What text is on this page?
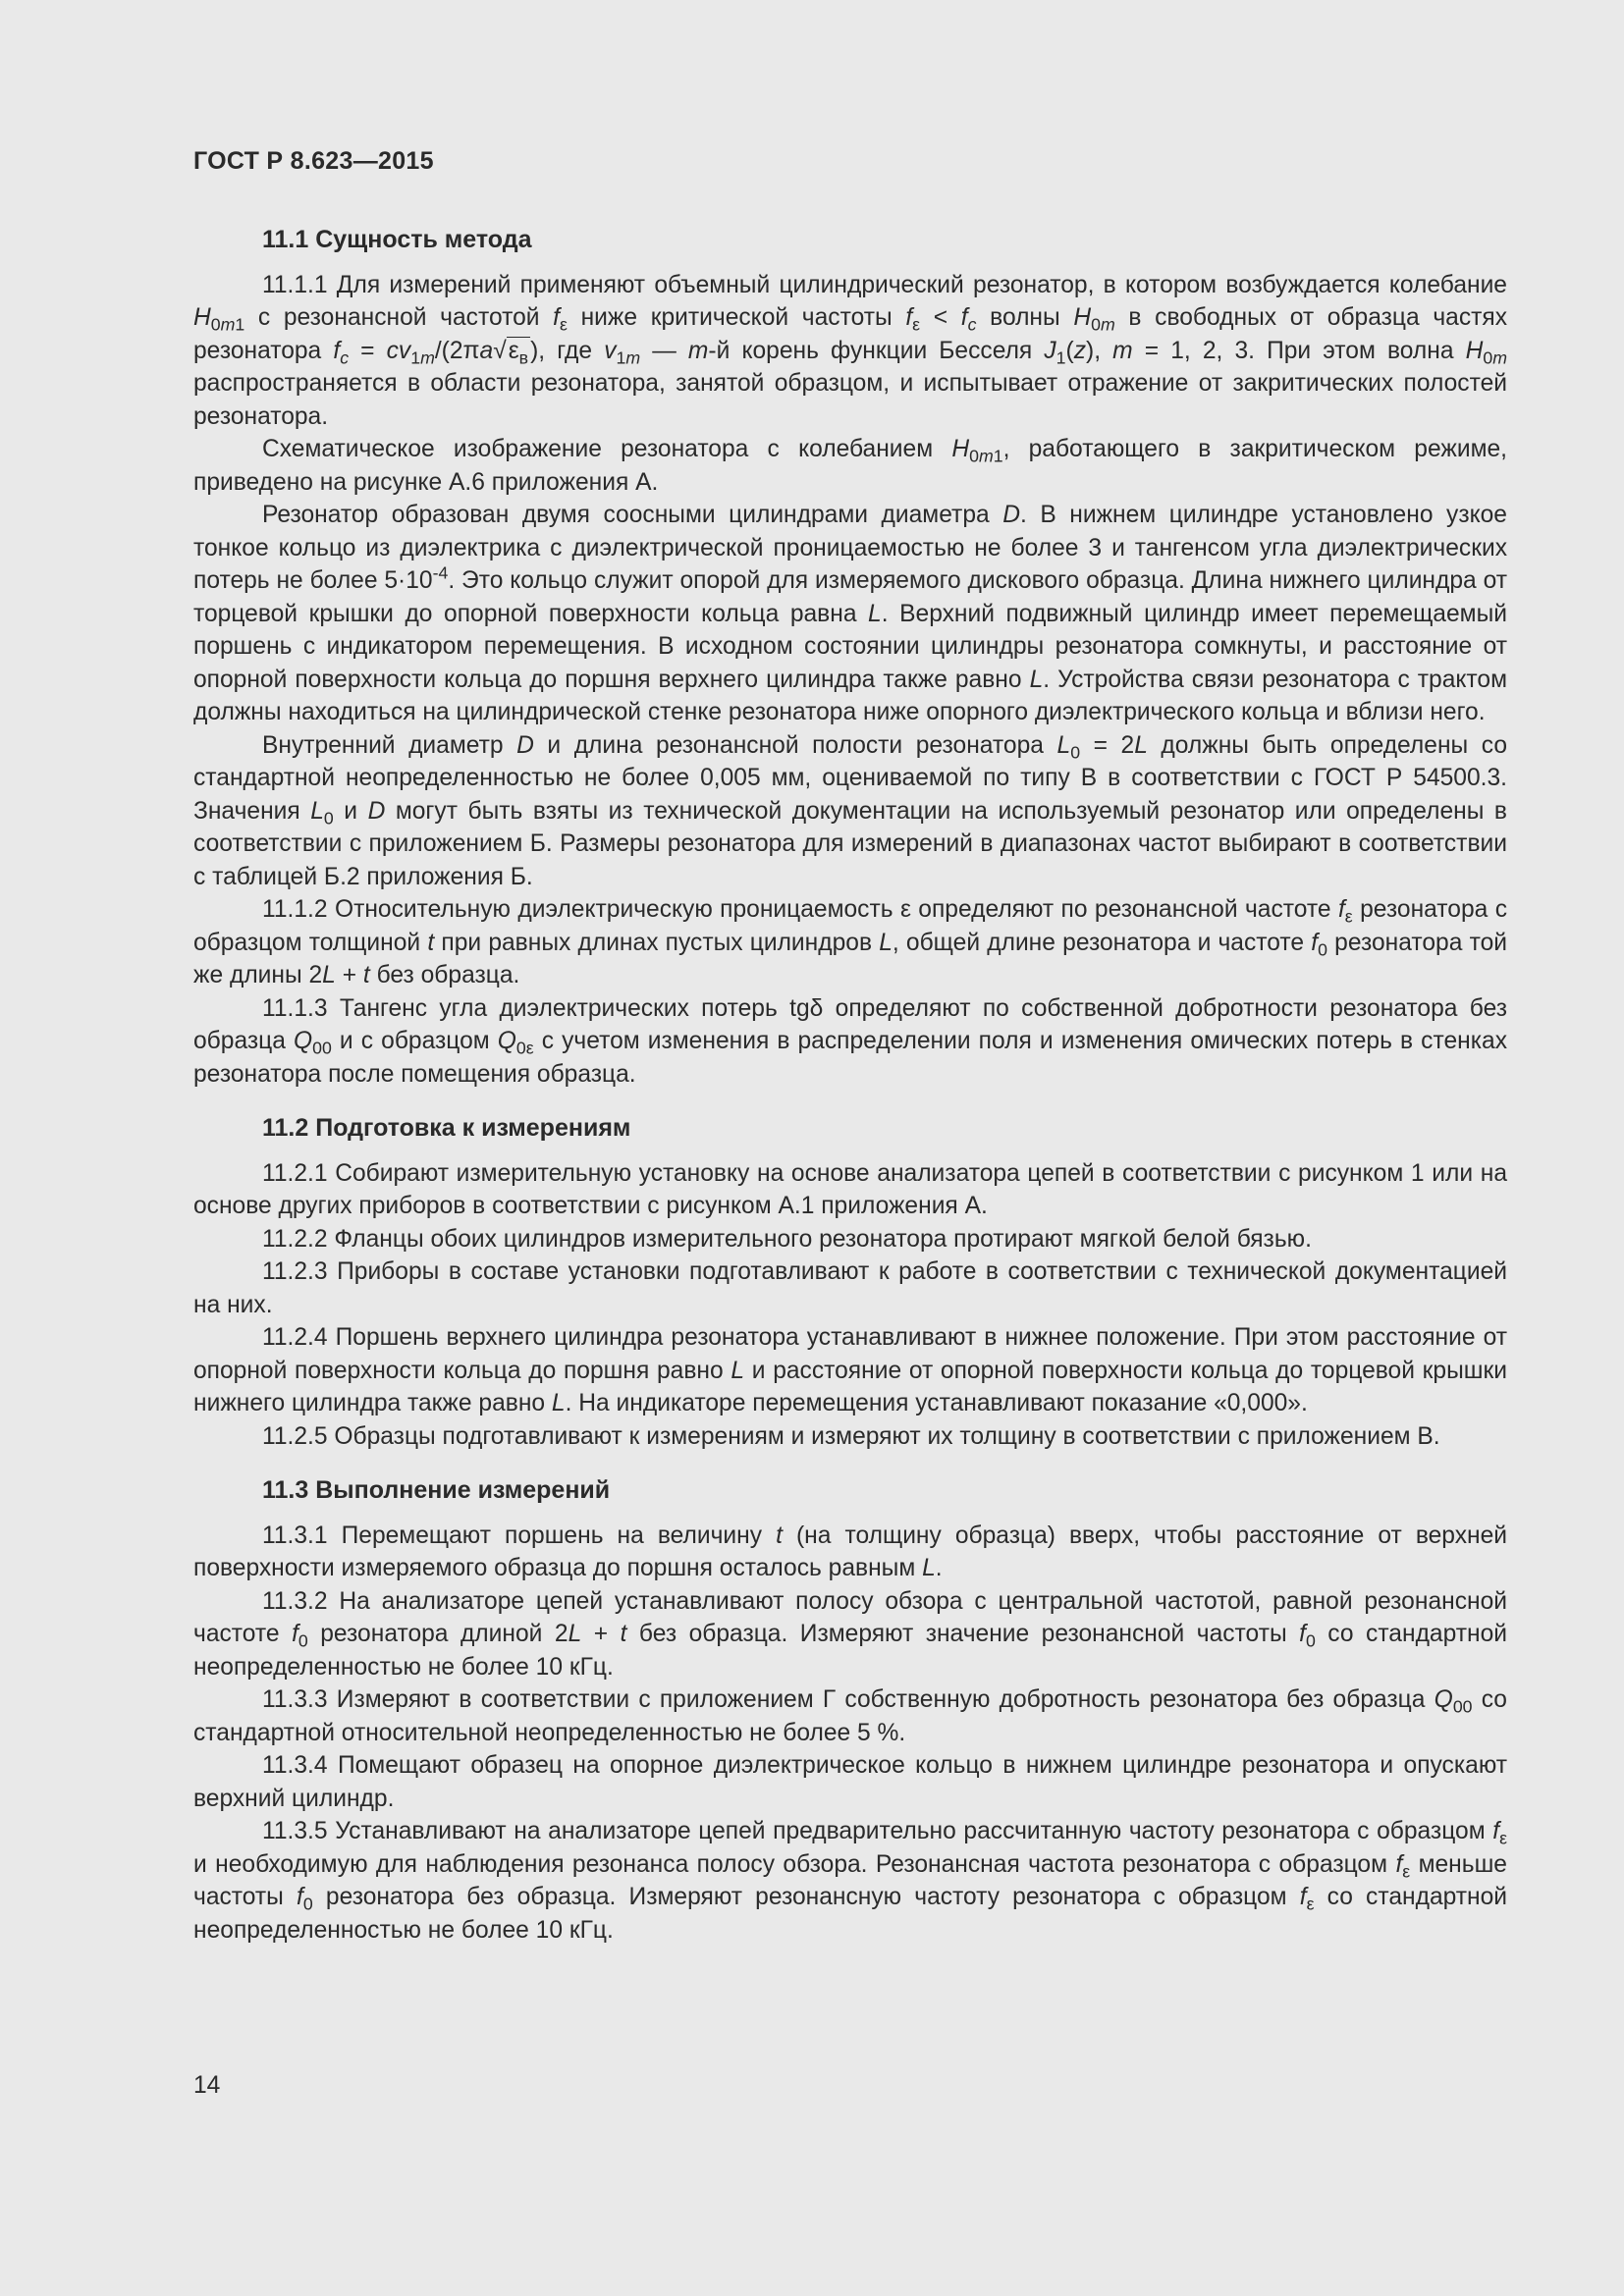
ГОСТ Р 8.623—2015
11.1 Сущность метода

11.1.1 Для измерений применяют объемный цилиндрический резонатор, в котором возбуждается колебание $H_{0m1}$ с резонансной частотой $f_\varepsilon$ ниже критической частоты $f_\varepsilon < f_c$ волны $H_{0m}$ в свободных от образца частях резонатора $f_c = cv_{1m}/(2\pi a√\varepsilon_в)$, где $v_{1m}$ — m-й корень функции Бесселя $J_1(z)$, m = 1, 2, 3. При этом волна $H_{0m}$ распространяется в области резонатора, занятой образцом, и испытывает отражение от закритических полостей резонатора.

Схематическое изображение резонатора с колебанием $H_{0m1}$, работающего в закритическом режиме, приведено на рисунке А.6 приложения А.

Резонатор образован двумя соосными цилиндрами диаметра D. В нижнем цилиндре установлено узкое тонкое кольцо из диэлектрика с диэлектрической проницаемостью не более 3 и тангенсом угла диэлектрических потерь не более $5\cdot 10^{-4}$. Это кольцо служит опорой для измеряемого дискового образца. Длина нижнего цилиндра от торцевой крышки до опорной поверхности кольца равна L. Верхний подвижный цилиндр имеет перемещаемый поршень с индикатором перемещения. В исходном состоянии цилиндры резонатора сомкнуты, и расстояние от опорной поверхности кольца до поршня верхнего цилиндра также равно L. Устройства связи резонатора с трактом должны находиться на цилиндрической стенке резонатора ниже опорного диэлектрического кольца и вблизи него.

Внутренний диаметр D и длина резонансной полости резонатора $L_0 = 2L$ должны быть определены со стандартной неопределенностью не более 0,005 мм, оцениваемой по типу В в соответствии с ГОСТ Р 54500.3. Значения $L_0$ и D могут быть взяты из технической документации на используемый резонатор или определены в соответствии с приложением Б. Размеры резонатора для измерений в диапазонах частот выбирают в соответствии с таблицей Б.2 приложения Б.

11.1.2 Относительную диэлектрическую проницаемость ε определяют по резонансной частоте $f_\varepsilon$ резонатора с образцом толщиной t при равных длинах пустых цилиндров L, общей длине резонатора и частоте $f_0$ резонатора той же длины 2L + t без образца.

11.1.3 Тангенс угла диэлектрических потерь tgδ определяют по собственной добротности резонатора без образца $Q_{00}$ и с образцом $Q_{0\varepsilon}$ с учетом изменения в распределении поля и изменения омических потерь в стенках резонатора после помещения образца.

11.2 Подготовка к измерениям

11.2.1 Собирают измерительную установку на основе анализатора цепей в соответствии с рисунком 1 или на основе других приборов в соответствии с рисунком А.1 приложения А.

11.2.2 Фланцы обоих цилиндров измерительного резонатора протирают мягкой белой бязью.

11.2.3 Приборы в составе установки подготавливают к работе в соответствии с технической документацией на них.

11.2.4 Поршень верхнего цилиндра резонатора устанавливают в нижнее положение. При этом расстояние от опорной поверхности кольца до поршня равно L и расстояние от опорной поверхности кольца до торцевой крышки нижнего цилиндра также равно L. На индикаторе перемещения устанавливают показание «0,000».

11.2.5 Образцы подготавливают к измерениям и измеряют их толщину в соответствии с приложением В.

11.3 Выполнение измерений

11.3.1 Перемещают поршень на величину t (на толщину образца) вверх, чтобы расстояние от верхней поверхности измеряемого образца до поршня осталось равным L.

11.3.2 На анализаторе цепей устанавливают полосу обзора с центральной частотой, равной резонансной частоте $f_0$ резонатора длиной 2L + t без образца. Измеряют значение резонансной частоты $f_0$ со стандартной неопределенностью не более 10 кГц.

11.3.3 Измеряют в соответствии с приложением Г собственную добротность резонатора без образца $Q_{00}$ со стандартной относительной неопределенностью не более 5 %.

11.3.4 Помещают образец на опорное диэлектрическое кольцо в нижнем цилиндре резонатора и опускают верхний цилиндр.

11.3.5 Устанавливают на анализаторе цепей предварительно рассчитанную частоту резонатора с образцом $f_\varepsilon$ и необходимую для наблюдения резонанса полосу обзора. Резонансная частота резонатора с образцом $f_\varepsilon$ меньше частоты $f_0$ резонатора без образца. Измеряют резонансную частоту резонатора с образцом $f_\varepsilon$ со стандартной неопределенностью не более 10 кГц.

14
